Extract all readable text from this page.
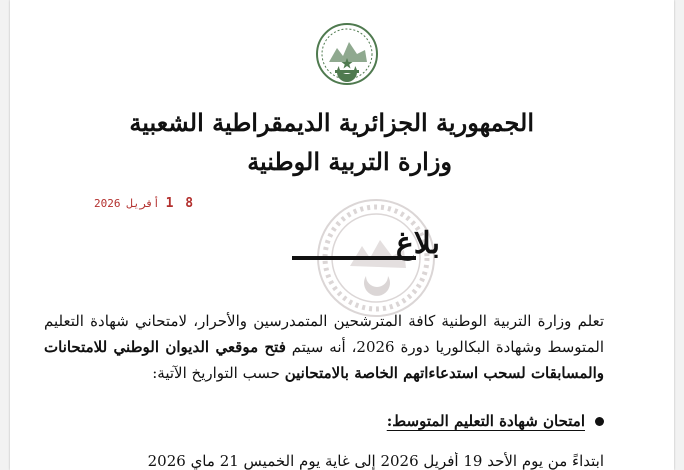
الجمهورية الجزائرية الديمقراطية الشعبية
وزارة التربية الوطنية
2026 أفريل 1 8
بلاغ
تعلم وزارة التربية الوطنية كافة المترشحين المتمدرسين والأحرار، لامتحاني شهادة التعليم المتوسط وشهادة البكالوريا دورة 2026، أنه سيتم فتح موقعي الديوان الوطني للامتحانات والمسابقات لسحب استدعاءاتهم الخاصة بالامتحانين حسب التواريخ الآتية:
امتحان شهادة التعليم المتوسط:
ابتداءً من يوم الأحد 19 أفريل 2026 إلى غاية يوم الخميس 21 ماي 2026
